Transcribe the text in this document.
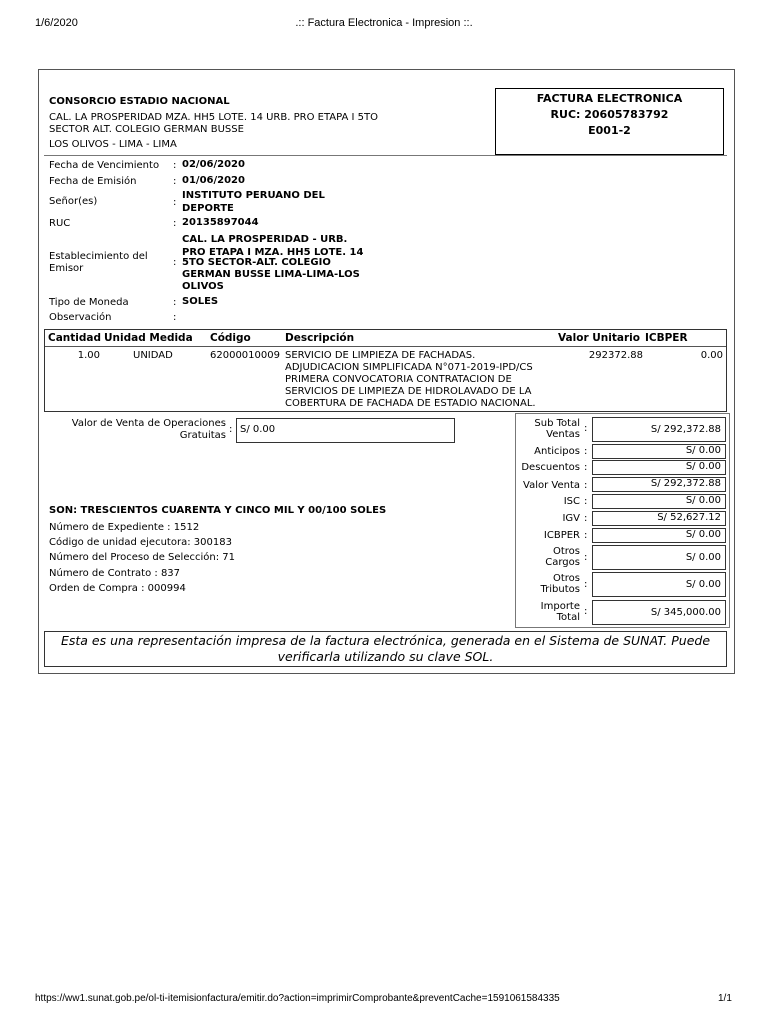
1/6/2020	.:: Factura Electronica - Impresion ::.
CONSORCIO ESTADIO NACIONAL
CAL. LA PROSPERIDAD MZA. HH5 LOTE. 14 URB. PRO ETAPA I 5TO
SECTOR ALT. COLEGIO GERMAN BUSSE
LOS OLIVOS - LIMA - LIMA
FACTURA ELECTRONICA
RUC: 20605783792
E001-2
Fecha de Vencimiento : 02/06/2020
Fecha de Emisión	: 01/06/2020
Señor(es)	:
INSTITUTO PERUANO DEL
DEPORTE
RUC	: 20135897044
Establecimiento del
Emisor
:
CAL. LA PROSPERIDAD - URB.
PRO ETAPA I MZA. HH5 LOTE. 14
5TO SECTOR-ALT. COLEGIO
GERMAN BUSSE LIMA-LIMA-LOS
OLIVOS
Tipo de Moneda	: SOLES
Observación	:
Cantidad Unidad Medida Código	Descripción	Valor Unitario ICBPER
1.00	UNIDAD	62000010009 SERVICIO DE LIMPIEZA DE FACHADAS.
ADJUDICACION SIMPLIFICADA N°071-2019-IPD/CS
PRIMERA CONVOCATORIA CONTRATACION DE
SERVICIOS DE LIMPIEZA DE HIDROLAVADO DE LA
COBERTURA DE FACHADA DE ESTADIO NACIONAL.
292372.88	0.00
Valor de Venta de Operaciones
Gratuitas
: S/ 0.00
Sub Total
Ventas
:	S/ 292,372.88
Anticipos :	S/ 0.00
Descuentos :	S/ 0.00
Valor Venta :	S/ 292,372.88
ISC :	S/ 0.00
IGV :	S/ 52,627.12
ICBPER :	S/ 0.00
Otros
Cargos :	S/ 0.00
Otros
Tributos :	S/ 0.00
Importe
Total
:	S/ 345,000.00
SON: TRESCIENTOS CUARENTA Y CINCO MIL Y 00/100 SOLES
Número de Expediente : 1512
Código de unidad ejecutora: 300183
Número del Proceso de Selección: 71
Número de Contrato : 837
Orden de Compra : 000994
Esta es una representación impresa de la factura electrónica, generada en el Sistema de SUNAT. Puede
verificarla utilizando su clave SOL.
https://ww1.sunat.gob.pe/ol-ti-itemisionfactura/emitir.do?action=imprimirComprobante&preventCache=1591061584335	1/1
